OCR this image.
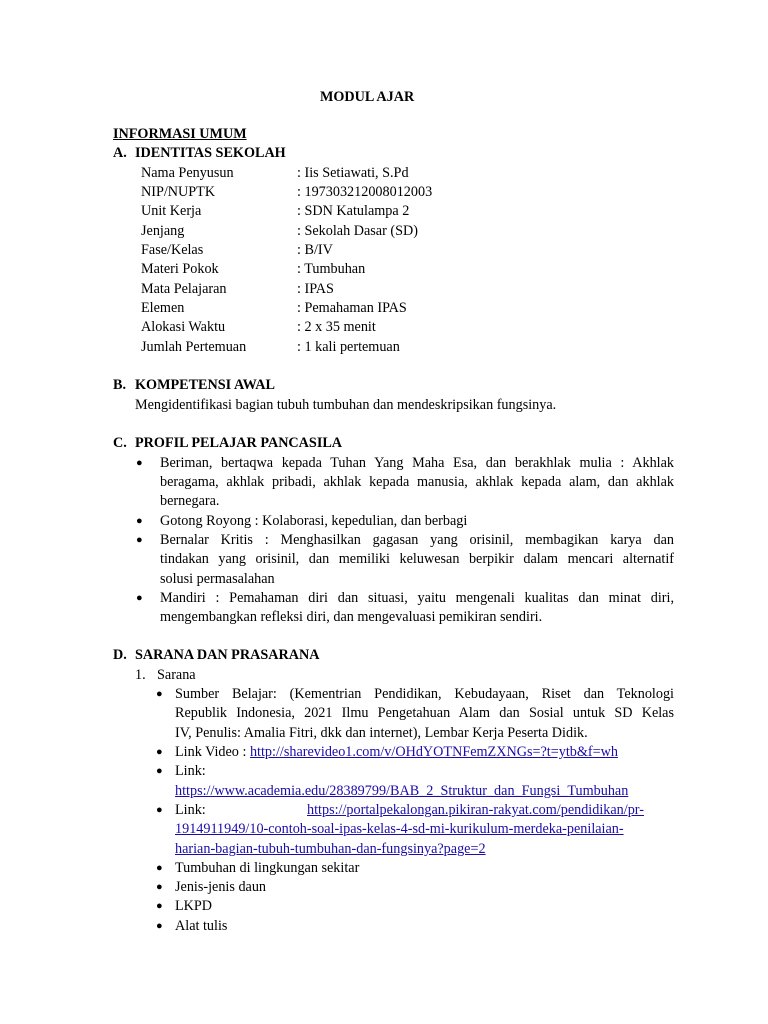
MODUL AJAR
INFORMASI UMUM
A. IDENTITAS SEKOLAH
Nama Penyusun	: Iis Setiawati, S.Pd
NIP/NUPTK	: 197303212008012003
Unit Kerja	: SDN Katulampa 2
Jenjang	: Sekolah Dasar (SD)
Fase/Kelas	: B/IV
Materi Pokok	: Tumbuhan
Mata Pelajaran	: IPAS
Elemen	: Pemahaman IPAS
Alokasi Waktu	: 2 x 35 menit
Jumlah Pertemuan	: 1 kali pertemuan
B. KOMPETENSI AWAL
Mengidentifikasi bagian tubuh tumbuhan dan mendeskripsikan fungsinya.
C. PROFIL PELAJAR PANCASILA
● Beriman, bertaqwa kepada Tuhan Yang Maha Esa, dan berakhlak mulia : Akhlak
beragama, akhlak pribadi, akhlak kepada manusia, akhlak kepada alam, dan akhlak
bernegara.
● Gotong Royong : Kolaborasi, kepedulian, dan berbagi
● Bernalar Kritis : Menghasilkan gagasan yang orisinil, membagikan karya dan
tindakan yang orisinil, dan memiliki keluwesan berpikir dalam mencari alternatif
solusi permasalahan
● Mandiri : Pemahaman diri dan situasi, yaitu mengenali kualitas dan minat diri,
mengembangkan refleksi diri, dan mengevaluasi pemikiran sendiri.
D. SARANA DAN PRASARANA
1. Sarana
● Sumber Belajar: (Kementrian Pendidikan, Kebudayaan, Riset dan Teknologi
Republik Indonesia, 2021 Ilmu Pengetahuan Alam dan Sosial untuk SD Kelas
IV, Penulis: Amalia Fitri, dkk dan internet), Lembar Kerja Peserta Didik.
● Link Video : http://sharevideo1.com/v/OHdYOTNFemZXNGs=?t=ytb&f=wh
● Link:
https://www.academia.edu/28389799/BAB_2_Struktur_dan_Fungsi_Tumbuhan
● Link:	https://portalpekalongan.pikiran-rakyat.com/pendidikan/pr-
1914911949/10-contoh-soal-ipas-kelas-4-sd-mi-kurikulum-merdeka-penilaian-
harian-bagian-tubuh-tumbuhan-dan-fungsinya?page=2
● Tumbuhan di lingkungan sekitar
● Jenis-jenis daun
● LKPD
● Alat tulis
